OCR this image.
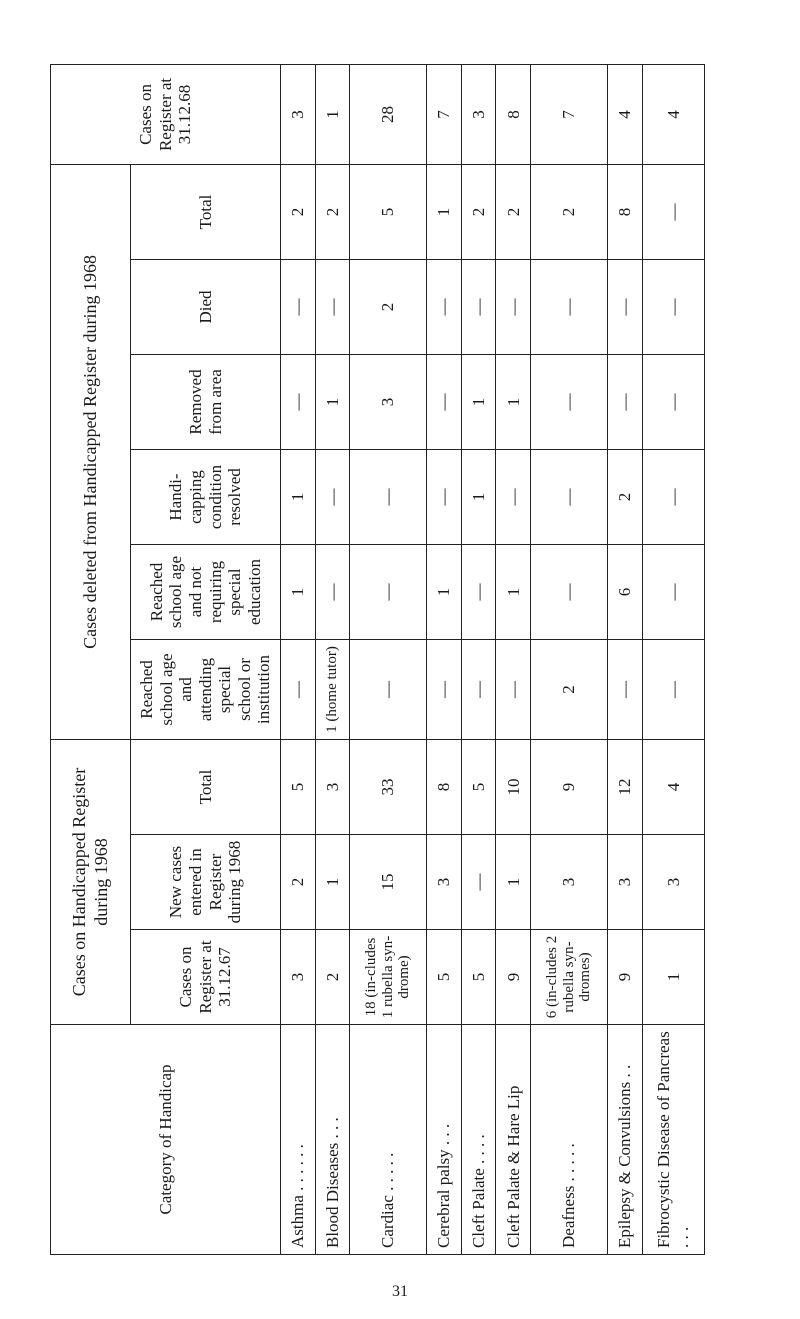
Category of Handicap	Cases on Handicapped Register during 1968			Cases deleted from Handicapped Register during 1968						Cases on Register at 31.12.68
	Cases on Register at 31.12.67	New cases entered in Register during 1968	Total	Reached school age and attending special school or institution	Reached school age and not requiring special education	Handi-capping condition resolved	Removed from area	Died	Total	
Asthma . . . . . .	3	2	5	—	1	1	—	—	2	3
Blood Diseases . . .	2	1	3	1 (home tutor)	—	—	1	—	2	1
Cardiac . . . . .	18 (in-cludes 1 rubella syn-drome)	15	33	—	—	—	3	2	5	28
Cerebral palsy . . .	5	3	8	—	1	—	—	—	1	7
Cleft Palate . . . .	5	—	5	—	—	1	1	—	2	3
Cleft Palate & Hare Lip	9	1	10	—	1	—	1	—	2	8
Deafness . . . . .	6 (in-cludes 2 rubella syn-dromes)	3	9	2	—	—	—	—	2	7
Epilepsy & Convulsions . .	9	3	12	—	6	2	—	—	8	4
Fibrocystic Disease of Pancreas . . .	1	3	4	—	—	—	—	—	—	4
31
